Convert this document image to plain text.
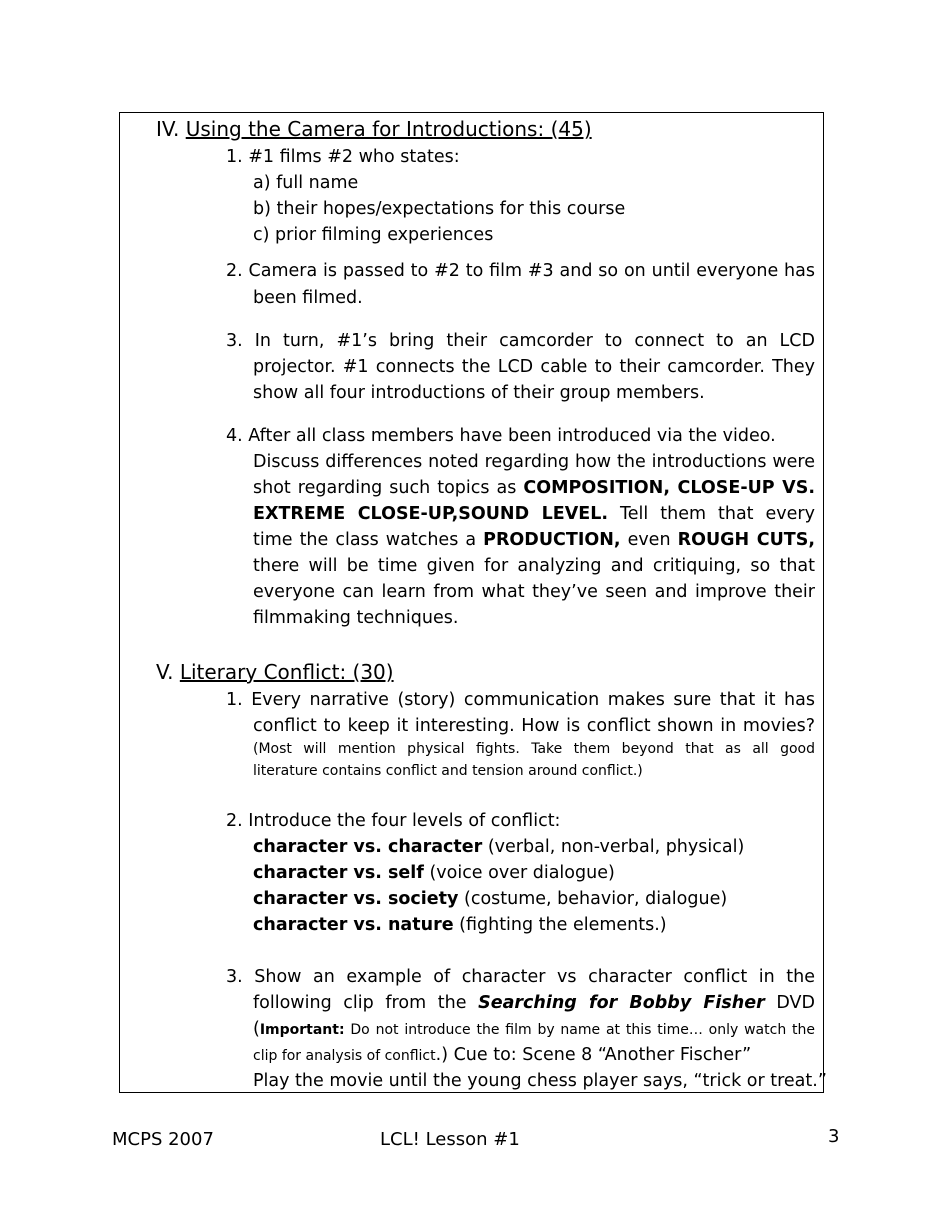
IV. Using the Camera for Introductions: (45)
1. #1 films #2 who states:
a) full name
b) their hopes/expectations for this course
c) prior filming experiences
2. Camera is passed to #2 to film #3 and so on until everyone has
been filmed.
3. In turn, #1’s bring their camcorder to connect to an LCD
projector. #1 connects the LCD cable to their camcorder. They
show all four introductions of their group members.
4. After all class members have been introduced via the video.
Discuss differences noted regarding how the introductions were
shot regarding such topics as COMPOSITION, CLOSE-UP VS.
EXTREME CLOSE-UP,SOUND LEVEL. Tell them that every
time the class watches a PRODUCTION, even ROUGH CUTS,
there will be time given for analyzing and critiquing, so that
everyone can learn from what they’ve seen and improve their
filmmaking techniques.
V. Literary Conflict: (30)
1. Every narrative (story) communication makes sure that it has
conflict to keep it interesting. How is conflict shown in movies?
(Most will mention physical fights. Take them beyond that as all good
literature contains conflict and tension around conflict.)
2. Introduce the four levels of conflict:
character vs. character (verbal, non-verbal, physical)
character vs. self (voice over dialogue)
character vs. society (costume, behavior, dialogue)
character vs. nature (fighting the elements.)
3. Show an example of character vs character conflict in the
following clip from the Searching for Bobby Fisher DVD
(Important: Do not introduce the film by name at this time… only watch the
clip for analysis of conflict.) Cue to: Scene 8 “Another Fischer”
Play the movie until the young chess player says, “trick or treat.”
MCPS 2007	LCL! Lesson #1	3
